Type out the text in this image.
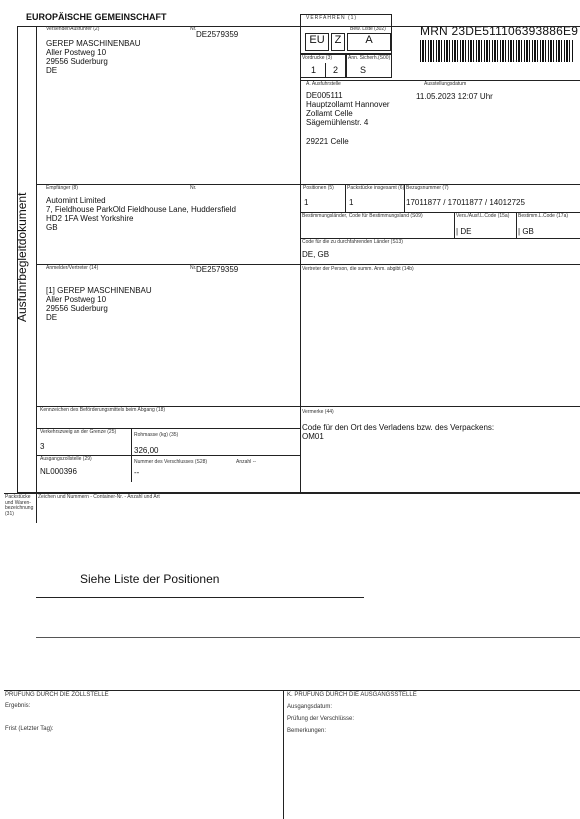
EUROPÄISCHE GEMEINSCHAFT
MRN 23DE511106393886E9
Ausfuhrbegleitdokument
Versender/Ausführer (2)	Nr.
DE2579359
GEREP MASCHINENBAU
Aller Postweg 10
29556 Suderburg
DE
VERFAHREN (1)
Bew. Liste (302)
EU Z	A
Vordrucke (3)
1 2
Ann. Sicherh.(S00)
S
A. Ausfuhrstelle	Ausstellungsdatum
DE005111
Hauptzollamt Hannover
Zollamt Celle
Sägemühlenstr. 4
29221 Celle
11.05.2023 12:07 Uhr
Empfänger (8)	Nr.
Automint Limited
7, Fieldhouse ParkOld Fieldhouse Lane, Huddersfield
HD2 1FA West Yorkshire
GB
Positionen (5)
1
Packstücke insgesamt (6)
1
Bezugsnummer (7)
17011877 / 17011877 / 14012725
Bestimmungsländer, Code für Bestimmungsland (S09)	Vers./Ausf.L.Code (15a)
| DE
Bestimm.L.Code (17a)
| GB
Code für die zu durchfahrenden Länder (S13)
DE, GB
Anmelder/Vertreter (14)	Nr. DE2579359
[1] GEREP MASCHINENBAU
Aller Postweg 10
29556 Suderburg
DE
Vertreter der Person, die summ. Anm. abgibt (14b)
Kennzeichen des Beförderungsmittels beim Abgang (18)	Vermerke (44)
Code für den Ort des Verladens bzw. des Verpackens:
OM01
Verkehrszweig an der Grenze (25)
3
Rohmasse (kg) (35)
326,00
Ausgangszollstelle (29)
NL000396
Nummer des Verschlusses (S28)	Anzahl --
--
Packstücke und Waren- bezeichnung (31)
Zeichen und Nummern - Container-Nr. - Anzahl und Art
Siehe Liste der Positionen
PRÜFUNG DURCH DIE ZOLLSTELLE
Ergebnis:
Frist (Letzter Tag):
K. PRÜFUNG DURCH DIE AUSGANGSSTELLE
Ausgangsdatum:
Prüfung der Verschlüsse:
Bemerkungen:
